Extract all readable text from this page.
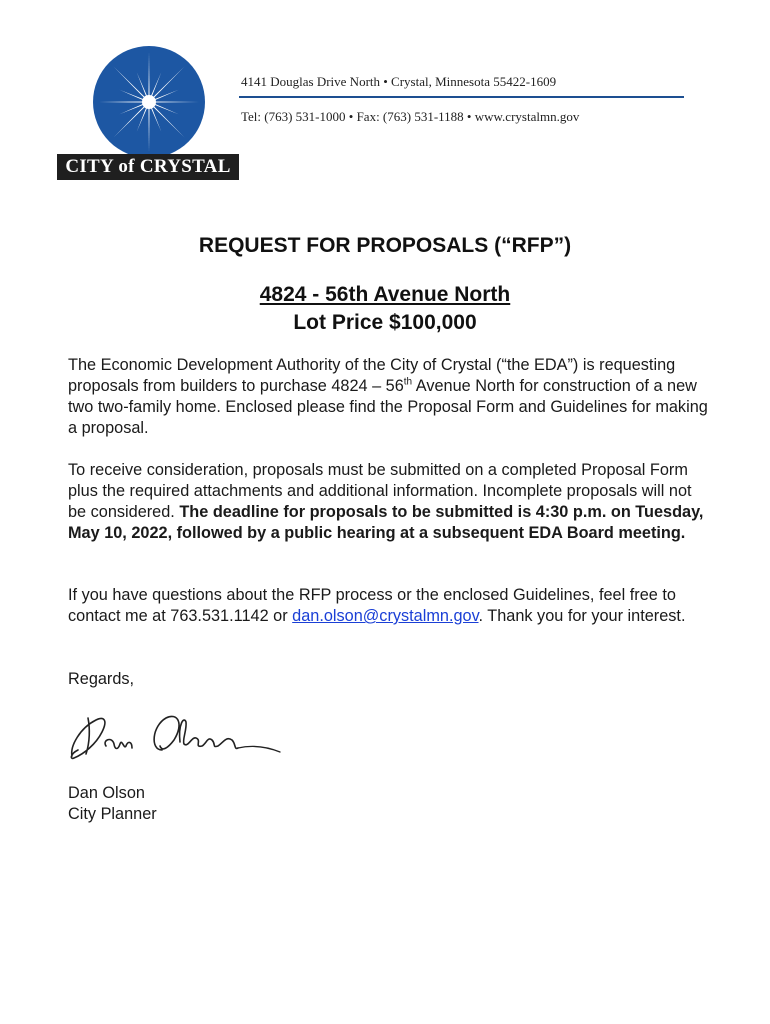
CITY of CRYSTAL
4141 Douglas Drive North • Crystal, Minnesota 55422-1609
Tel: (763) 531-1000 • Fax: (763) 531-1188 • www.crystalmn.gov
REQUEST FOR PROPOSALS (“RFP”)
4824 - 56th Avenue North
Lot Price $100,000
The Economic Development Authority of the City of Crystal (“the EDA”) is requesting proposals from builders to purchase 4824 – 56th Avenue North for construction of a new two two-family home. Enclosed please find the Proposal Form and Guidelines for making a proposal.
To receive consideration, proposals must be submitted on a completed Proposal Form plus the required attachments and additional information. Incomplete proposals will not be considered. The deadline for proposals to be submitted is 4:30 p.m. on Tuesday, May 10, 2022, followed by a public hearing at a subsequent EDA Board meeting.
If you have questions about the RFP process or the enclosed Guidelines, feel free to contact me at 763.531.1142 or dan.olson@crystalmn.gov. Thank you for your interest.
Regards,
Dan Olson
City Planner
